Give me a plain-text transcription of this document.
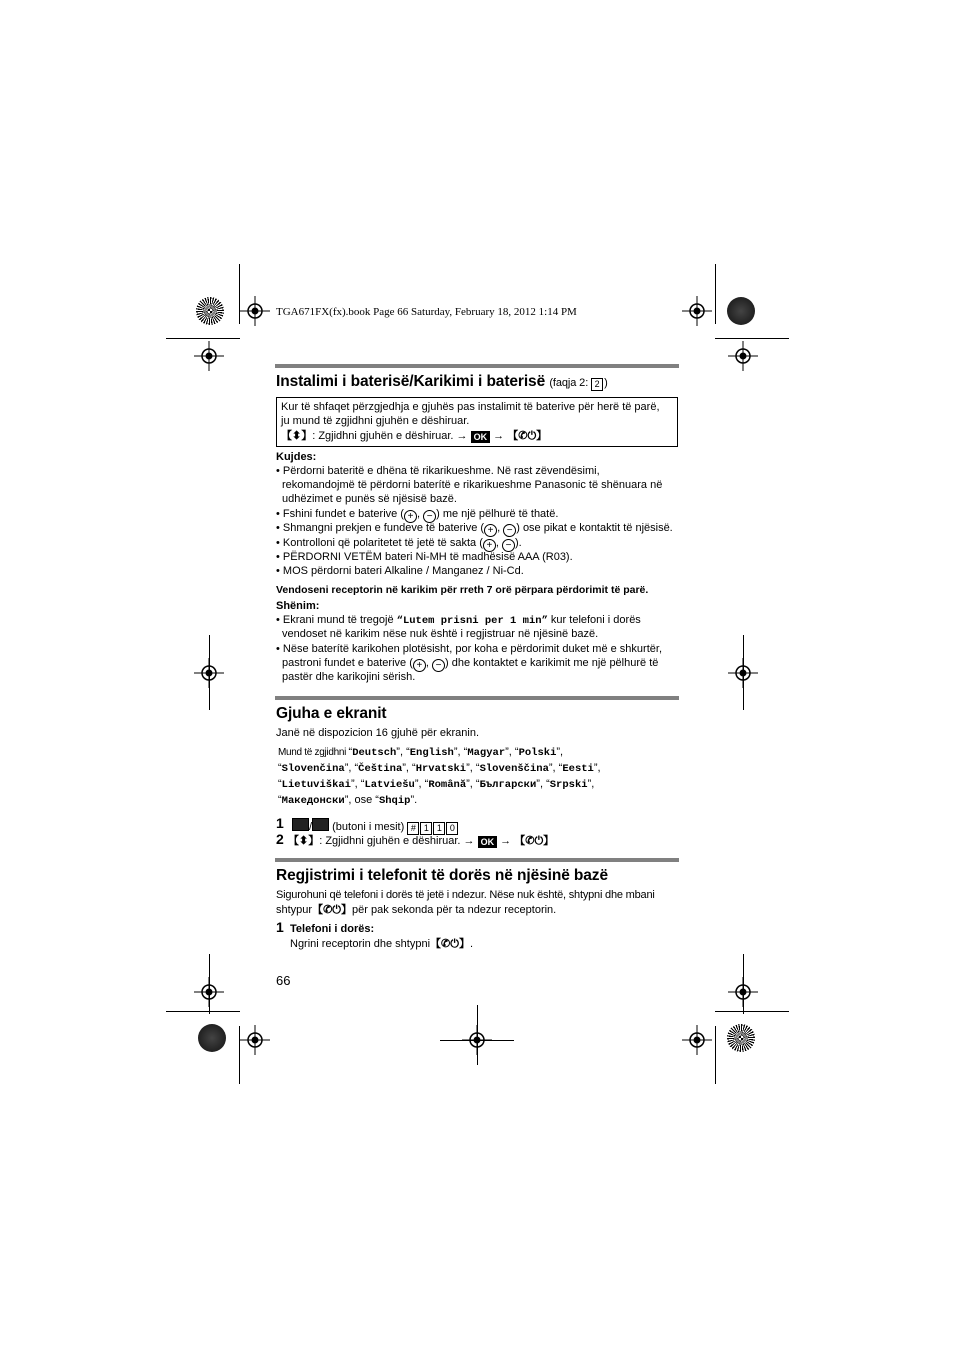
TGA671FX(fx).book Page 66 Saturday, February 18, 2012 1:14 PM
Instalimi i baterisë/Karikimi i baterisë (faqja 2: 2 )
Kur të shfaqet përzgjedhja e gjuhës pas instalimit të baterive për herë të parë,
ju mund të zgjidhni gjuhën e dëshiruar.
【⬍】: Zgjidhni gjuhën e dëshiruar. → OK → 【✆⏻】
Kujdes:
• Përdorni bateritë e dhëna të rikarikueshme. Në rast zëvendësimi,
rekomandojmë të përdorni baterítë e rikarikueshme Panasonic të shënuara në
udhëzimet e punës së njësisë bazë.
• Fshini fundet e baterive ( + , − ) me një pëlhurë të thatë.
• Shmangni prekjen e fundeve të baterive ( + , − ) ose pikat e kontaktit të njësisë.
• Kontrolloni që polaritetet të jetë të sakta ( + , − ).
• PËRDORNI VETËM bateri Ni-MH të madhësisë AAA (R03).
• MOS përdorni bateri Alkaline / Manganez / Ni-Cd.
Vendoseni receptorin në karikim për rreth 7 orë përpara përdorimit të parë.
Shënim:
• Ekrani mund të tregojë “Lutem prisni per 1 min” kur telefoni i dorës
vendoset në karikim nëse nuk është i regjistruar në njësinë bazë.
• Nëse baterítë karikohen plotësisht, por koha e përdorimit duket më e shkurtër,
pastroni fundet e baterive ( + , − ) dhe kontaktet e karikimit me një pëlhurë të
pastër dhe karikojini sërish.
Gjuha e ekranit
Janë në dispozicion 16 gjuhë për ekranin.
Mund të zgjidhni “Deutsch”, “English”, “Magyar”, “Polski”,
“Slovenčina”, “Čeština”, “Hrvatski”, “Slovenščina”, “Eesti”,
“Lietuviškai”, “Latviešu”, “Română”, “Български”, “Srpski”,
“Македонски”, ose “Shqip”.
1	/ (butoni i mesit) # 1 1 0
2 【⬍】: Zgjidhni gjuhën e dëshiruar. → OK → 【✆⏻】
Regjistrimi i telefonit të dorës në njësinë bazë
Sigurohuni që telefoni i dorës të jetë i ndezur. Nëse nuk është, shtypni dhe mbani
shtypur【✆⏻】për pak sekonda për ta ndezur receptorin.
1 Telefoni i dorës:
Ngrini receptorin dhe shtypni【✆⏻】.
66
